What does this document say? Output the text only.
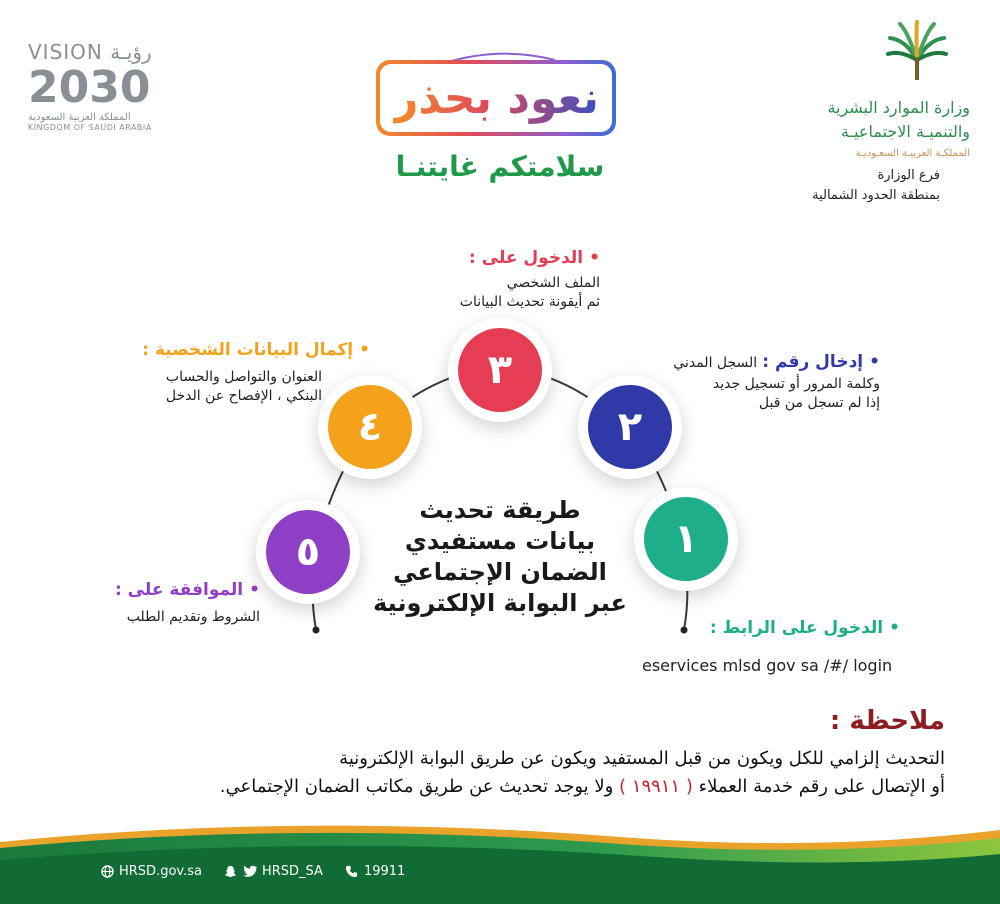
VISION رؤيـة
2030
المملكة العربية السعودية
KINGDOM OF SAUDI ARABIA
وزارة الموارد البشرية
والتنميـة الاجتماعيـة
المملكـة العربيـة السعـوديـة
فرع الوزارة
بمنطقة الحدود الشمالية
نعود بحذر
سلامتكم غايتنـا
١
٢
٣
٤
٥
طريقة تحديث
بيانات مستفيدي
الضمان الإجتماعي
عبر البوابة الإلكترونية
•الدخول على :
الملف الشخصي
ثم أيقونة تحديث البيانات
•إدخال رقم : السجل المدني
وكلمة المرور أو تسجيل جديد
إذا لم تسجل من قبل
•إكمال البيانات الشخصية :
العنوان والتواصل والحساب
البنكي ، الإفصاح عن الدخل
•الموافقة على :
الشروط وتقديم الطلب
•الدخول على الرابط :
eservices mlsd gov sa /#/ login
ملاحظة :
التحديث إلزامي للكل ويكون من قبل المستفيد ويكون عن طريق البوابة الإلكترونية
أو الإتصال على رقم خدمة العملاء ( ١٩٩١١ ) ولا يوجد تحديث عن طريق مكاتب الضمان الإجتماعي.
HRSD.gov.sa	HRSD_SA	19911
